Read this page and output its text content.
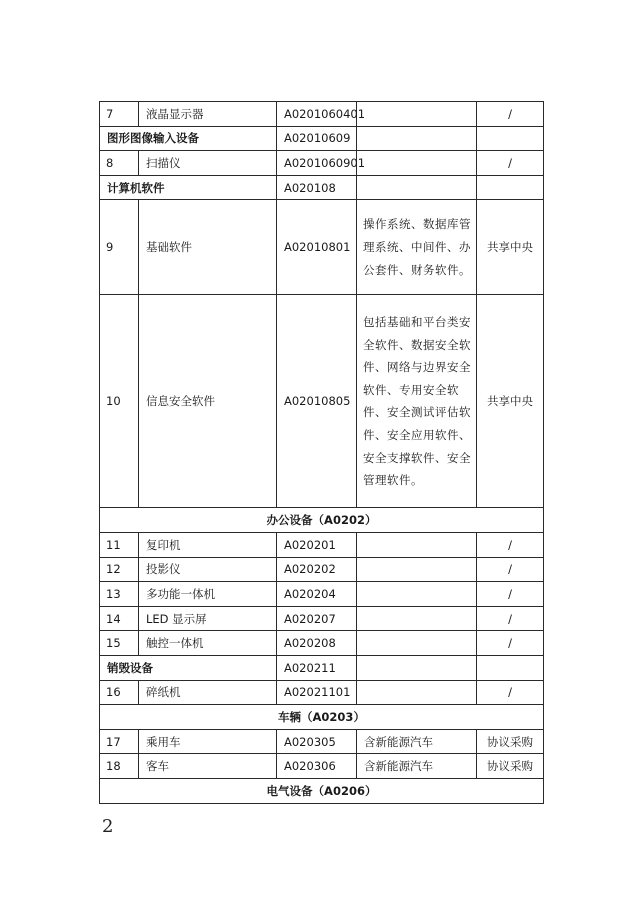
7	液晶显示器	A0201060401		/
图形图像输入设备		A02010609		
8	扫描仪	A0201060901		/
计算机软件		A020108		
9	基础软件	A02010801	操作系统、数据库管理系统、中间件、办公套件、财务软件。	共享中央
10	信息安全软件	A02010805	包括基础和平台类安全软件、数据安全软件、网络与边界安全软件、专用安全软件、安全测试评估软件、安全应用软件、安全支撑软件、安全管理软件。	共享中央
办公设备（A0202）				
11	复印机	A020201		/
12	投影仪	A020202		/
13	多功能一体机	A020204		/
14	LED 显示屏	A020207		/
15	触控一体机	A020208		/
销毁设备		A020211		
16	碎纸机	A02021101		/
车辆（A0203）				
17	乘用车	A020305	含新能源汽车	协议采购
18	客车	A020306	含新能源汽车	协议采购
电气设备（A0206）				
2
